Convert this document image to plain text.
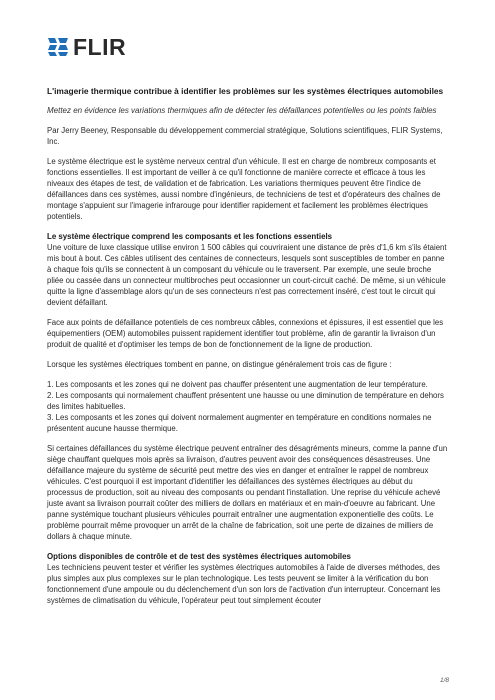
FLIR
L'imagerie thermique contribue à identifier les problèmes sur les systèmes électriques automobiles
Mettez en évidence les variations thermiques afin de détecter les défaillances potentielles ou les points faibles

Par Jerry Beeney, Responsable du développement commercial stratégique, Solutions scientifiques, FLIR Systems, Inc.

Le système électrique est le système nerveux central d'un véhicule. Il est en charge de nombreux composants et fonctions essentielles. Il est important de veiller à ce qu'il fonctionne de manière correcte et efficace à tous les niveaux des étapes de test, de validation et de fabrication. Les variations thermiques peuvent être l'indice de défaillances dans ces systèmes, aussi nombre d'ingénieurs, de techniciens de test et d'opérateurs des chaînes de montage s'appuient sur l'imagerie infrarouge pour identifier rapidement et facilement les problèmes électriques potentiels.

Le système électrique comprend les composants et les fonctions essentiels

Une voiture de luxe classique utilise environ 1 500 câbles qui couvriraient une distance de près d'1,6 km s'ils étaient mis bout à bout. Ces câbles utilisent des centaines de connecteurs, lesquels sont susceptibles de tomber en panne à chaque fois qu'ils se connectent à un composant du véhicule ou le traversent. Par exemple, une seule broche pliée ou cassée dans un connecteur multibroches peut occasionner un court-circuit caché. De même, si un véhicule quitte la ligne d'assemblage alors qu'un de ses connecteurs n'est pas correctement inséré, c'est tout le circuit qui devient défaillant.

Face aux points de défaillance potentiels de ces nombreux câbles, connexions et épissures, il est essentiel que les équipementiers (OEM) automobiles puissent rapidement identifier tout problème, afin de garantir la livraison d'un produit de qualité et d'optimiser les temps de bon de fonctionnement de la ligne de production.

Lorsque les systèmes électriques tombent en panne, on distingue généralement trois cas de figure :

1. Les composants et les zones qui ne doivent pas chauffer présentent une augmentation de leur température.
2. Les composants qui normalement chauffent présentent une hausse ou une diminution de température en dehors des limites habituelles.
3. Les composants et les zones qui doivent normalement augmenter en température en conditions normales ne présentent aucune hausse thermique.

Si certaines défaillances du système électrique peuvent entraîner des désagréments mineurs, comme la panne d'un siège chauffant quelques mois après sa livraison, d'autres peuvent avoir des conséquences désastreuses. Une défaillance majeure du système de sécurité peut mettre des vies en danger et entraîner le rappel de nombreux véhicules. C'est pourquoi il est important d'identifier les défaillances des systèmes électriques au début du processus de production, soit au niveau des composants ou pendant l'installation. Une reprise du véhicule achevé juste avant sa livraison pourrait coûter des milliers de dollars en matériaux et en main-d'oeuvre au fabricant. Une panne systémique touchant plusieurs véhicules pourrait entraîner une augmentation exponentielle des coûts. Le problème pourrait même provoquer un arrêt de la chaîne de fabrication, soit une perte de dizaines de milliers de dollars à chaque minute.

Options disponibles de contrôle et de test des systèmes électriques automobiles

Les techniciens peuvent tester et vérifier les systèmes électriques automobiles à l'aide de diverses méthodes, des plus simples aux plus complexes sur le plan technologique. Les tests peuvent se limiter à la vérification du bon fonctionnement d'une ampoule ou du déclenchement d'un son lors de l'activation d'un interrupteur. Concernant les systèmes de climatisation du véhicule, l'opérateur peut tout simplement écouter

1/8
